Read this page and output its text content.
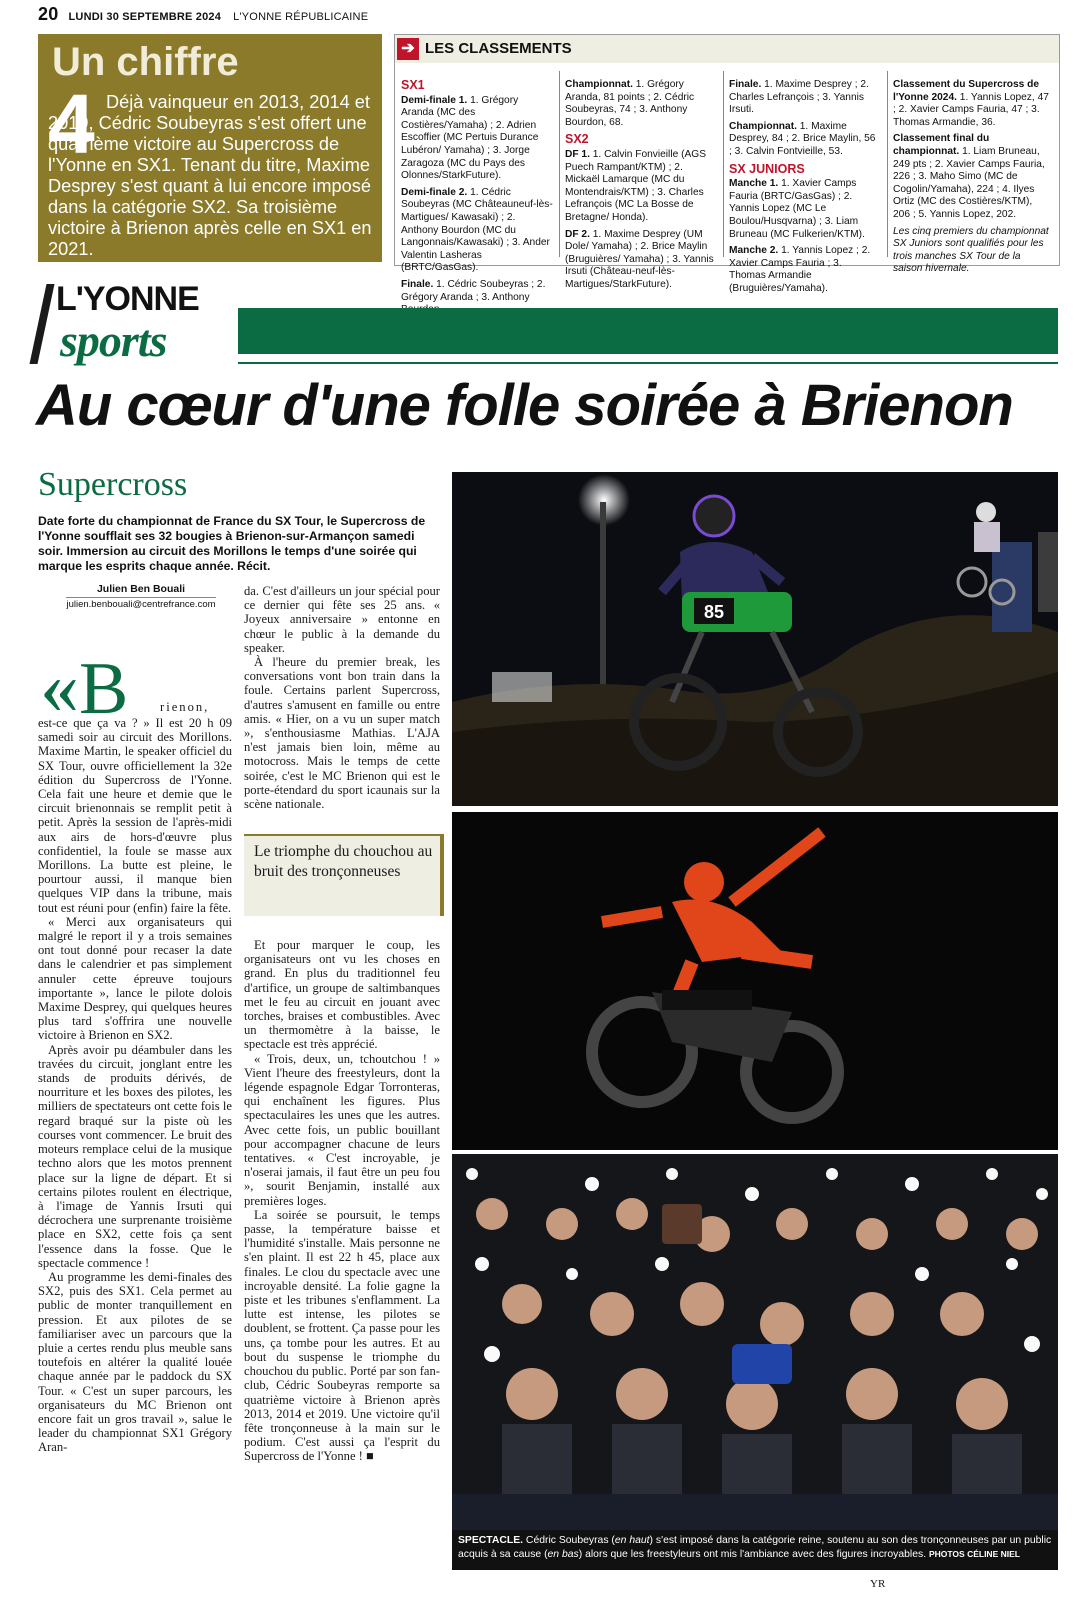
20 LUNDI 30 SEPTEMBRE 2024 L'YONNE RÉPUBLICAINE
Un chiffre
4 Déjà vainqueur en 2013, 2014 et 2019, Cédric Soubeyras s'est offert une quatrième victoire au Supercross de l'Yonne en SX1. Tenant du titre, Maxime Desprey s'est quant à lui encore imposé dans la catégorie SX2. Sa troisième victoire à Brienon après celle en SX1 en 2021.
➔ LES CLASSEMENTS
SX1

Demi-finale 1. 1. Grégory Aranda (MC des Costières/Yamaha) ; 2. Adrien Escoffier (MC Pertuis Durance Lubéron/ Yamaha) ; 3. Jorge Zaragoza (MC du Pays des Olonnes/StarkFuture).

Demi-finale 2. 1. Cédric Soubeyras (MC Châteauneuf-lès-Martigues/ Kawasaki) ; 2. Anthony Bourdon (MC du Langonnais/Kawasaki) ; 3. Ander Valentin Lasheras (BRTC/GasGas).

Finale. 1. Cédric Soubeyras ; 2. Grégory Aranda ; 3. Anthony

Championnat. 1. Grégory Aranda, 81 points ; 2. Cédric Soubeyras, 74 ; 3. Anthony Bourdon, 68.

SX2

DF 1. 1. Calvin Fonvieille (AGS Puech Rampant/KTM) ; 2. Mickaël Lamarque (MC du Montendrais/KTM) ; 3. Charles Lefrançois (MC La Bosse de Bretagne/ Honda).

DF 2. 1. Maxime Desprey (UM Dole/ Yamaha) ; 2. Brice Maylin (Bruguières/ Yamaha) ; 3. Yannis Irsuti (Château-neuf-lès-Martigues/StarkFuture).

Finale. 1. Maxime Desprey ; 2. Charles Lefrançois ; 3. Yannis Irsuti.

Championnat. 1. Maxime Desprey, 84 ; 2. Brice Maylin, 56 ; 3. Calvin Fontvieille, 53.

SX JUNIORS

Manche 1. 1. Xavier Camps Fauria (BRTC/GasGas) ; 2. Yannis Lopez (MC Le Boulou/Husqvarna) ; 3. Liam Bruneau (MC Fulkerien/KTM).

Manche 2. 1. Yannis Lopez ; 2. Xavier Camps Fauria ; 3. Thomas Armandie (Bruguières/Yamaha).

Classement du Supercross de l'Yonne 2024. 1. Yannis Lopez, 47 ; 2. Xavier Camps Fauria, 47 ; 3. Thomas Armandie, 36.

Classement final du championnat. 1. Liam Bruneau, 249 pts ; 2. Xavier Camps Fauria, 226 ; 3. Maho Simo (MC de Cogolin/Yamaha), 224 ; 4. Ilyes Ortiz (MC des Costières/KTM), 206 ; 5. Yannis Lopez, 202.

Les cinq premiers du championnat SX Juniors sont qualifiés pour les trois manches SX Tour de la saison hivernale.

L'YONNE
sports
Au cœur d'une folle soirée à Brienon
Supercross
Date forte du championnat de France du SX Tour, le Supercross de l'Yonne soufflait ses 32 bougies à Brienon-sur-Armançon samedi soir. Immersion au circuit des Morillons le temps d'une soirée qui marque les esprits chaque année. Récit.
Julien Ben Bouali
julien.benbouali@centrefrance.com
«B	rienon,

est-ce que ça va ? » Il est 20 h 09 samedi soir au circuit des Morillons. Maxime Martin, le speaker officiel du SX Tour, ouvre officiellement la 32e édition du Supercross de l'Yonne. Cela fait une heure et demie que le circuit brienonnais se remplit petit à petit. Après la session de l'après-midi aux airs de hors-d'œuvre plus confidentiel, la foule se masse aux Morillons. La butte est pleine, le pourtour aussi, il manque bien quelques VIP dans la tribune, mais tout est réuni pour (enfin) faire la fête.

« Merci aux organisateurs qui malgré le report il y a trois semaines ont tout donné pour recaser la date dans le calendrier et pas simplement annuler cette épreuve toujours importante », lance le pilote dolois Maxime Desprey, qui quelques heures plus tard s'offrira une nouvelle victoire à Brienon en SX2.

Après avoir pu déambuler dans les travées du circuit, jonglant entre les stands de produits dérivés, de nourriture et les boxes des pilotes, les milliers de spectateurs ont cette fois le regard braqué sur la piste où les courses vont commencer. Le bruit des moteurs remplace celui de la musique techno alors que les motos prennent place sur la ligne de départ. Et si certains pilotes roulent en électrique, à l'image de Yannis Irsuti qui décrochera une surprenante troisième place en SX2, cette fois ça sent l'essence dans la fosse. Que le spectacle commence !

Au programme les demi-finales des SX2, puis des SX1. Cela permet au public de monter tranquillement en pression. Et aux pilotes de se familiariser avec un parcours que la pluie a certes rendu plus meuble sans toutefois en altérer la qualité louée chaque année par le paddock du SX Tour. « C'est un super parcours, les organisateurs du MC Brienon ont encore fait un gros travail », salue le leader du championnat SX1 Grégory Aran-

da. C'est d'ailleurs un jour spécial pour ce dernier qui fête ses 25 ans. « Joyeux anniversaire » entonne en chœur le public à la demande du speaker.

À l'heure du premier break, les conversations vont bon train dans la foule. Certains parlent Supercross, d'autres s'amusent en famille ou entre amis. « Hier, on a vu un super match », s'enthousiasme Mathias. L'AJA n'est jamais bien loin, même au motocross. Mais le temps de cette soirée, c'est le MC Brienon qui est le porte-étendard du sport icaunais sur la scène nationale.

Le triomphe du chouchou au bruit des tronçonneuses

Et pour marquer le coup, les organisateurs ont vu les choses en grand. En plus du traditionnel feu d'artifice, un groupe de saltimbanques met le feu au circuit en jouant avec torches, braises et combustibles. Avec un thermomètre à la baisse, le spectacle est très apprécié.

« Trois, deux, un, tchoutchou ! » Vient l'heure des freestyleurs, dont la légende espagnole Edgar Torronteras, qui enchaînent les figures. Plus spectaculaires les unes que les autres. Avec cette fois, un public bouillant pour accompagner chacune de leurs tentatives. « C'est incroyable, je n'oserai jamais, il faut être un peu fou », sourit Benjamin, installé aux premières loges.

La soirée se poursuit, le temps passe, la température baisse et l'humidité s'installe. Mais personne ne s'en plaint. Il est 22 h 45, place aux finales. Le clou du spectacle avec une incroyable densité. La folie gagne la piste et les tribunes s'enflamment. La lutte est intense, les pilotes se doublent, se frottent. Ça passe pour les uns, ça tombe pour les autres. Et au bout du suspense le triomphe du chouchou du public. Porté par son fan-club, Cédric Soubeyras remporte sa quatrième victoire à Brienon après 2013, 2014 et 2019. Une victoire qu'il fête tronçonneuse à la main sur le podium. C'est aussi ça l'esprit du Supercross de l'Yonne ! ■

85
SPECTACLE. Cédric Soubeyras (en haut) s'est imposé dans la catégorie reine, soutenu au son des tronçonneuses par un public acquis à sa cause (en bas) alors que les freestyleurs ont mis l'ambiance avec des figures incroyables. PHOTOS CÉLINE NIEL
YR
